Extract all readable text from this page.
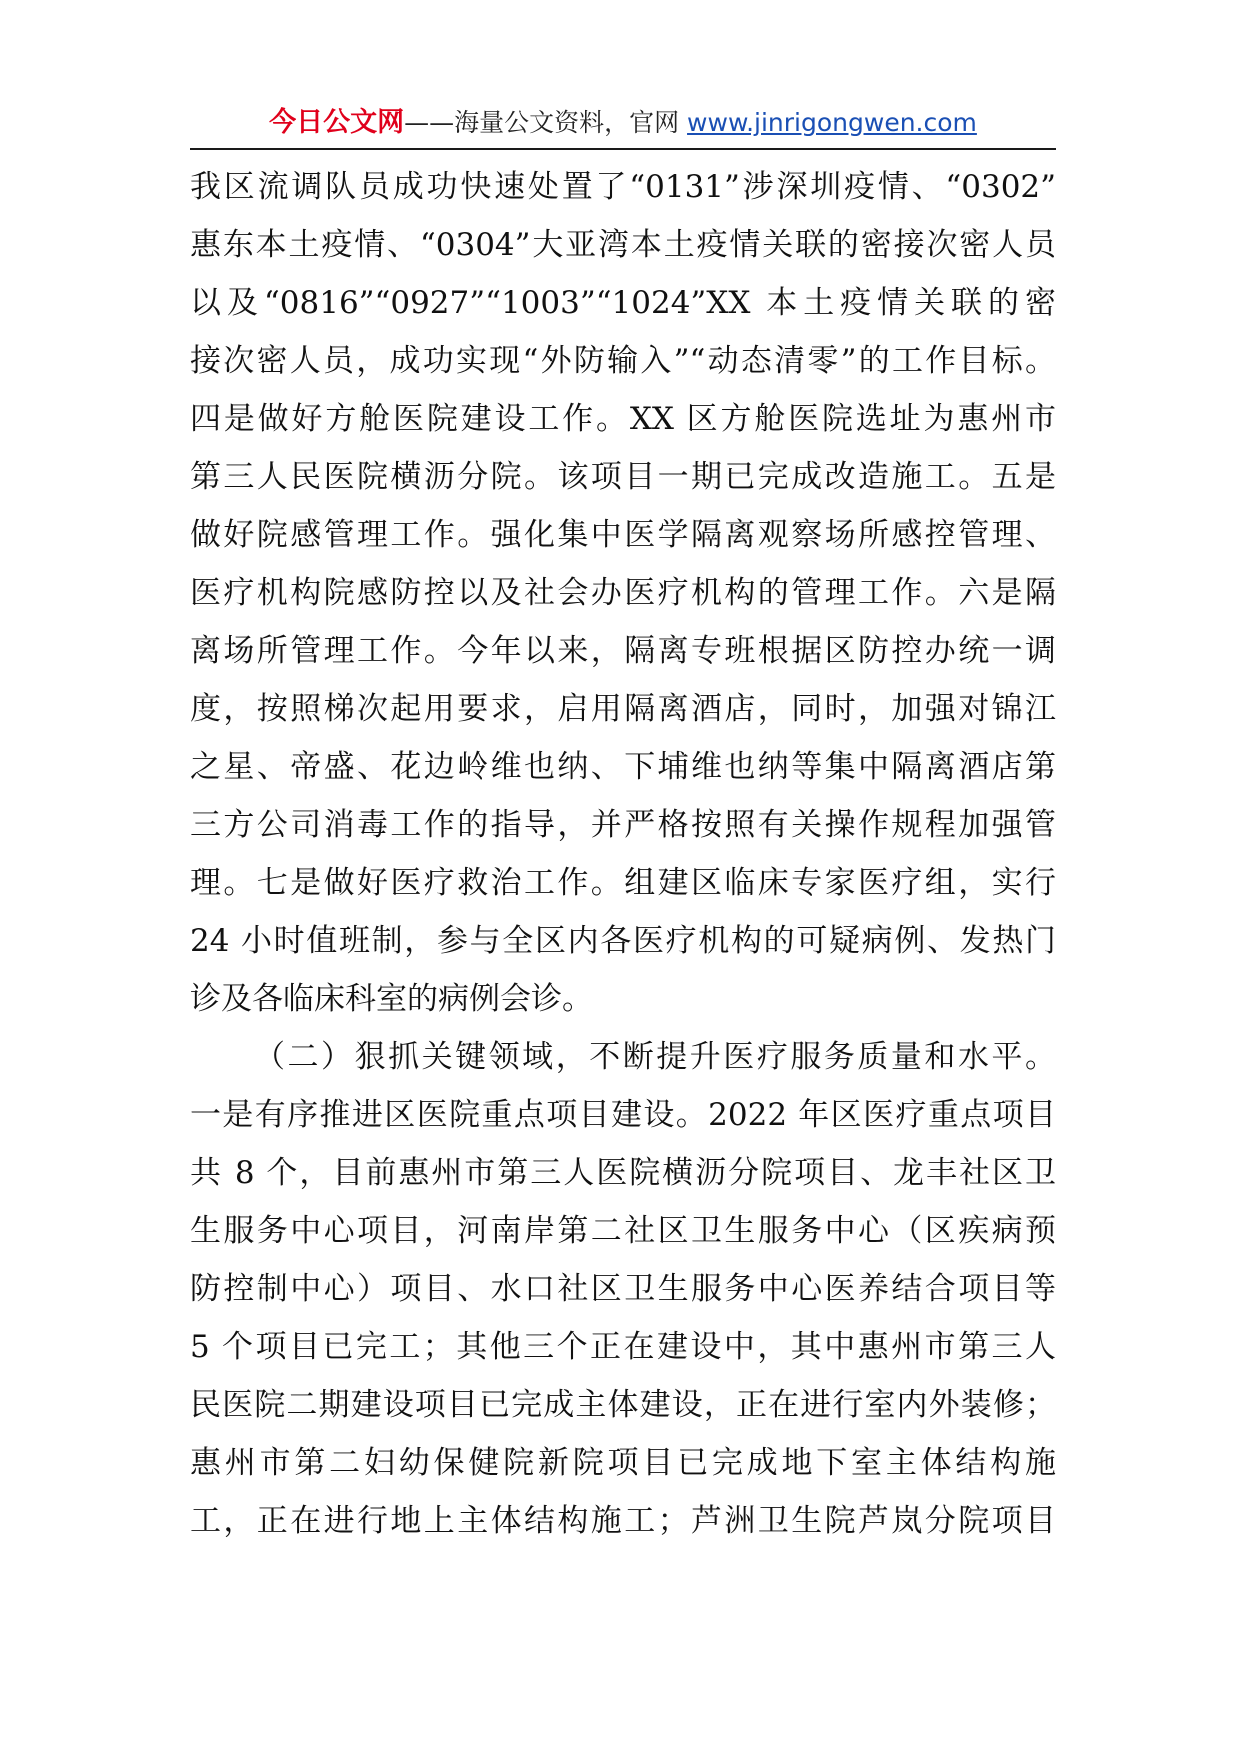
今日公文网——海量公文资料，官网 www.jinrigongwen.com
我区流调队员成功快速处置了“0131”涉深圳疫情、“0302”
惠东本土疫情、“0304”大亚湾本土疫情关联的密接次密人员
以及“0816”“0927”“1003”“1024”XX 本土疫情关联的密
接次密人员，成功实现“外防输入”“动态清零”的工作目标。
四是做好方舱医院建设工作。XX 区方舱医院选址为惠州市
第三人民医院横沥分院。该项目一期已完成改造施工。五是
做好院感管理工作。强化集中医学隔离观察场所感控管理、
医疗机构院感防控以及社会办医疗机构的管理工作。六是隔
离场所管理工作。今年以来，隔离专班根据区防控办统一调
度，按照梯次起用要求，启用隔离酒店，同时，加强对锦江
之星、帝盛、花边岭维也纳、下埔维也纳等集中隔离酒店第
三方公司消毒工作的指导，并严格按照有关操作规程加强管
理。七是做好医疗救治工作。组建区临床专家医疗组，实行
24 小时值班制，参与全区内各医疗机构的可疑病例、发热门
诊及各临床科室的病例会诊。
（二）狠抓关键领域，不断提升医疗服务质量和水平。
一是有序推进区医院重点项目建设。2022 年区医疗重点项目
共 8 个，目前惠州市第三人医院横沥分院项目、龙丰社区卫
生服务中心项目，河南岸第二社区卫生服务中心（区疾病预
防控制中心）项目、水口社区卫生服务中心医养结合项目等
5 个项目已完工；其他三个正在建设中，其中惠州市第三人
民医院二期建设项目已完成主体建设，正在进行室内外装修；
惠州市第二妇幼保健院新院项目已完成地下室主体结构施
工，正在进行地上主体结构施工；芦洲卫生院芦岚分院项目
